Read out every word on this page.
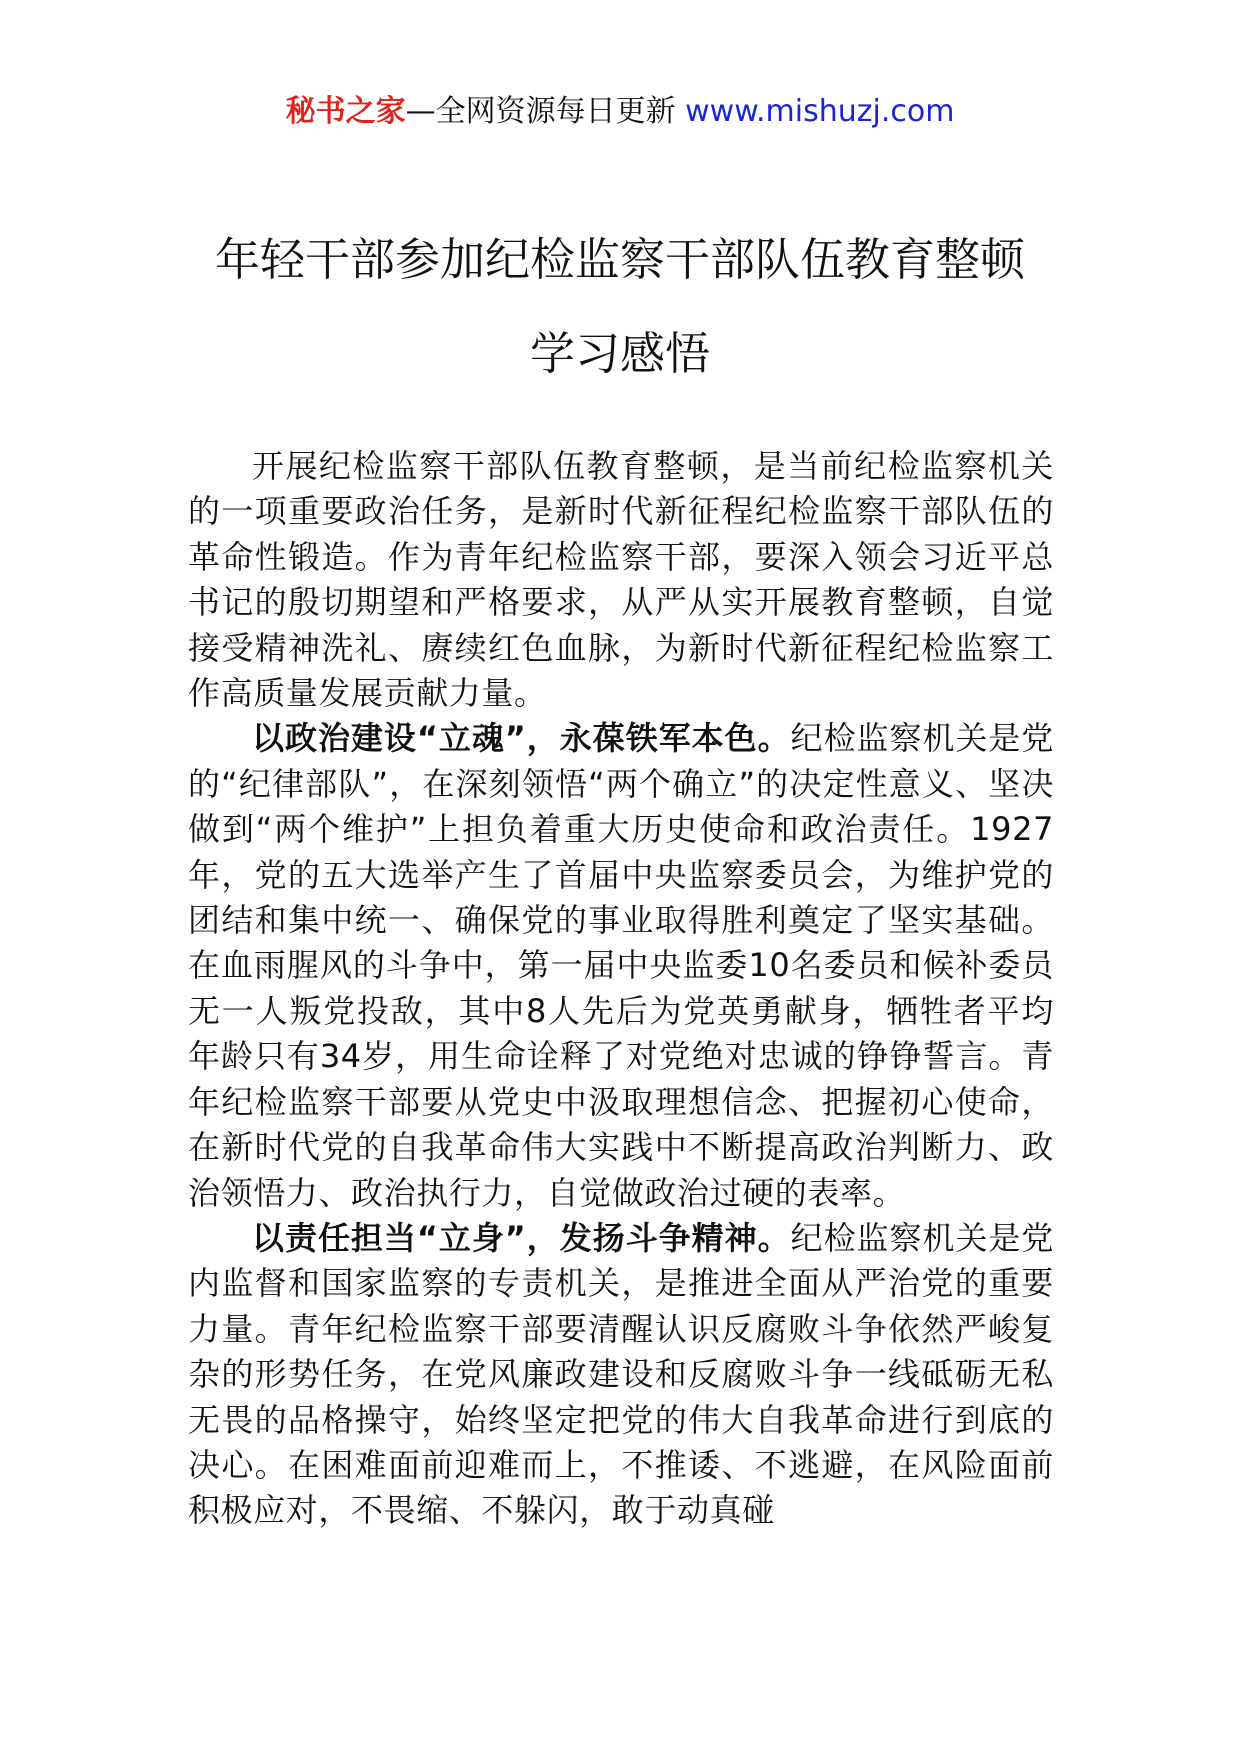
秘书之家—全网资源每日更新 www.mishuzj.com
年轻干部参加纪检监察干部队伍教育整顿
学习感悟

开展纪检监察干部队伍教育整顿，是当前纪检监察机关的一项重要政治任务，是新时代新征程纪检监察干部队伍的革命性锻造。作为青年纪检监察干部，要深入领会习近平总书记的殷切期望和严格要求，从严从实开展教育整顿，自觉接受精神洗礼、赓续红色血脉，为新时代新征程纪检监察工作高质量发展贡献力量。

以政治建设“立魂”，永葆铁军本色。纪检监察机关是党的“纪律部队”，在深刻领悟“两个确立”的决定性意义、坚决做到“两个维护”上担负着重大历史使命和政治责任。1927年，党的五大选举产生了首届中央监察委员会，为维护党的团结和集中统一、确保党的事业取得胜利奠定了坚实基础。在血雨腥风的斗争中，第一届中央监委10名委员和候补委员无一人叛党投敌，其中8人先后为党英勇献身，牺牲者平均年龄只有34岁，用生命诠释了对党绝对忠诚的铮铮誓言。青年纪检监察干部要从党史中汲取理想信念、把握初心使命，在新时代党的自我革命伟大实践中不断提高政治判断力、政治领悟力、政治执行力，自觉做政治过硬的表率。

以责任担当“立身”，发扬斗争精神。纪检监察机关是党内监督和国家监察的专责机关，是推进全面从严治党的重要力量。青年纪检监察干部要清醒认识反腐败斗争依然严峻复杂的形势任务，在党风廉政建设和反腐败斗争一线砥砺无私无畏的品格操守，始终坚定把党的伟大自我革命进行到底的决心。在困难面前迎难而上，不推诿、不逃避，在风险面前积极应对，不畏缩、不躲闪，敢于动真碰
